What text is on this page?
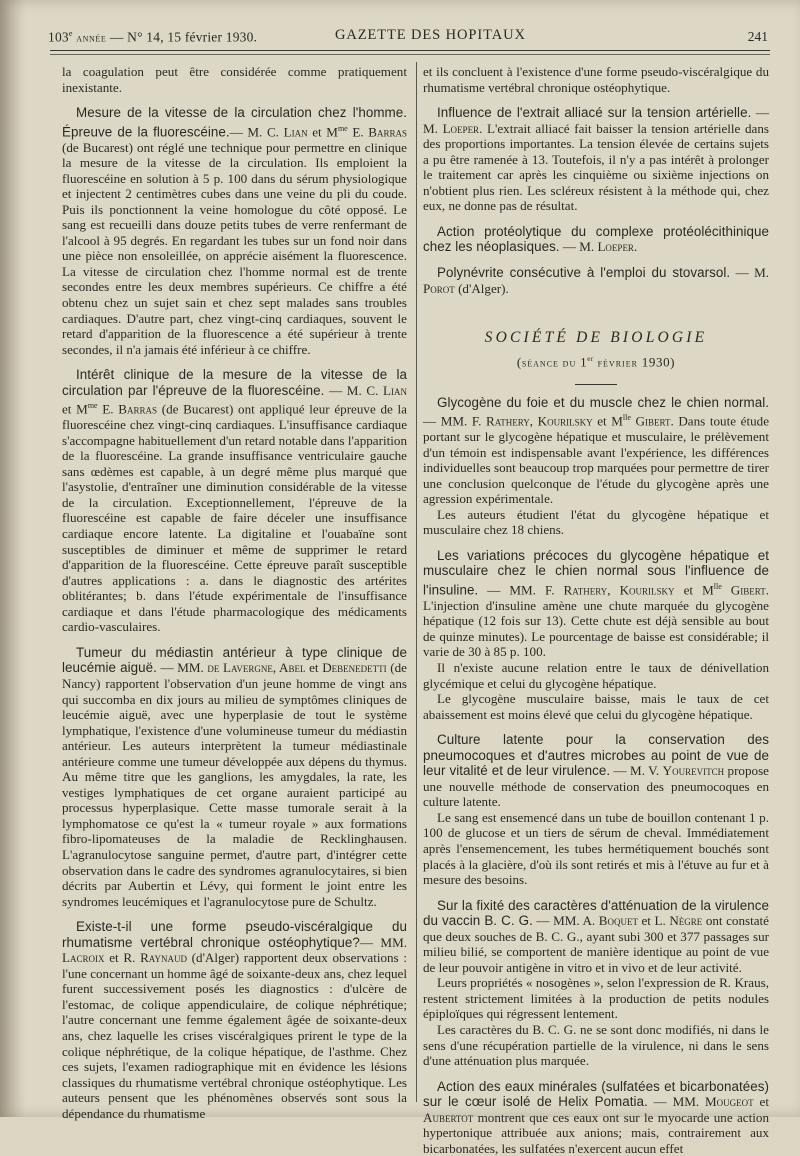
103e année — N° 14, 15 février 1930.	GAZETTE DES HOPITAUX	241

la coagulation peut être considérée comme pratiquement inexistante.

Mesure de la vitesse de la circulation chez l'homme. Épreuve de la fluorescéine.— M. C. Lian et $M^{me}$ E. Barras (de Bucarest) ont réglé une technique pour permettre en clinique la mesure de la vitesse de la circulation. Ils emploient la fluorescéine en solution à 5 p. 100 dans du sérum physiologique et injectent 2 centimètres cubes dans une veine du pli du coude. Puis ils ponctionnent la veine homologue du côté opposé. Le sang est recueilli dans douze petits tubes de verre renfermant de l'alcool à 95 degrés. En regardant les tubes sur un fond noir dans une pièce non ensoleillée, on apprécie aisément la fluorescence. La vitesse de circulation chez l'homme normal est de trente secondes entre les deux membres supérieurs. Ce chiffre a été obtenu chez un sujet sain et chez sept malades sans troubles cardiaques. D'autre part, chez vingt-cinq cardiaques, souvent le retard d'apparition de la fluorescence a été supérieur à trente secondes, il n'a jamais été inférieur à ce chiffre.

Intérêt clinique de la mesure de la vitesse de la circulation par l'épreuve de la fluorescéine. — M. C. Lian et $M^{me}$ E. Barras (de Bucarest) ont appliqué leur épreuve de la fluorescéine chez vingt-cinq cardiaques. L'insuffisance cardiaque s'accompagne habituellement d'un retard notable dans l'apparition de la fluorescéine. La grande insuffisance ventriculaire gauche sans œdèmes est capable, à un degré même plus marqué que l'asystolie, d'entraîner une diminution considérable de la vitesse de la circulation. Exceptionnellement, l'épreuve de la fluorescéine est capable de faire déceler une insuffisance cardiaque encore latente. La digitaline et l'ouabaïne sont susceptibles de diminuer et même de supprimer le retard d'apparition de la fluorescéine. Cette épreuve paraît susceptible d'autres applications : a. dans le diagnostic des artérites oblitérantes; b. dans l'étude expérimentale de l'insuffisance cardiaque et dans l'étude pharmacologique des médicaments cardio-vasculaires.

Tumeur du médiastin antérieur à type clinique de leucémie aiguë. — MM. de Lavergne, Abel et Debenedetti (de Nancy) rapportent l'observation d'un jeune homme de vingt ans qui succomba en dix jours au milieu de symptômes cliniques de leucémie aiguë, avec une hyperplasie de tout le système lymphatique, l'existence d'une volumineuse tumeur du médiastin antérieur. Les auteurs interprètent la tumeur médiastinale antérieure comme une tumeur développée aux dépens du thymus. Au même titre que les ganglions, les amygdales, la rate, les vestiges lymphatiques de cet organe auraient participé au processus hyperplasique. Cette masse tumorale serait à la lymphomatose ce qu'est la « tumeur royale » aux formations fibro-lipomateuses de la maladie de Recklinghausen. L'agranulocytose sanguine permet, d'autre part, d'intégrer cette observation dans le cadre des syndromes agranulocytaires, si bien décrits par Aubertin et Lévy, qui forment le joint entre les syndromes leucémiques et l'agranulocytose pure de Schultz.

Existe-t-il une forme pseudo-viscéralgique du rhumatisme vertébral chronique ostéophytique?— MM. Lacroix et R. Raynaud (d'Alger) rapportent deux observations : l'une concernant un homme âgé de soixante-deux ans, chez lequel furent successivement posés les diagnostics : d'ulcère de l'estomac, de colique appendiculaire, de colique néphrétique; l'autre concernant une femme également âgée de soixante-deux ans, chez laquelle les crises viscéralgiques prirent le type de la colique néphrétique, de la colique hépatique, de l'asthme. Chez ces sujets, l'examen radiographique mit en évidence les lésions classiques du rhumatisme vertébral chronique ostéophytique. Les auteurs pensent que les phénomènes observés sont sous la dépendance du rhumatisme

et ils concluent à l'existence d'une forme pseudo-viscéralgique du rhumatisme vertébral chronique ostéophytique.

Influence de l'extrait alliacé sur la tension artérielle. — M. Loeper. L'extrait alliacé fait baisser la tension artérielle dans des proportions importantes. La tension élevée de certains sujets a pu être ramenée à 13. Toutefois, il n'y a pas intérêt à prolonger le traitement car après les cinquième ou sixième injections on n'obtient plus rien. Les scléreux résistent à la méthode qui, chez eux, ne donne pas de résultat.

Action protéolytique du complexe protéolécithinique chez les néoplasiques. — M. Loeper.

Polynévrite consécutive à l'emploi du stovarsol. — M. Porot (d'Alger).

SOCIÉTÉ DE BIOLOGIE

(séance du 1er février 1930)

Glycogène du foie et du muscle chez le chien normal. — MM. F. Rathery, Kourilsky et $M^{lle}$ Gibert. Dans toute étude portant sur le glycogène hépatique et musculaire, le prélèvement d'un témoin est indispensable avant l'expérience, les différences individuelles sont beaucoup trop marquées pour permettre de tirer une conclusion quelconque de l'étude du glycogène après une agression expérimentale.

Les auteurs étudient l'état du glycogène hépatique et musculaire chez 18 chiens.

Les variations précoces du glycogène hépatique et musculaire chez le chien normal sous l'influence de l'insuline. — MM. F. Rathery, Kourilsky et $M^{lle}$ Gibert. L'injection d'insuline amène une chute marquée du glycogène hépatique (12 fois sur 13). Cette chute est déjà sensible au bout de quinze minutes). Le pourcentage de baisse est considérable; il varie de 30 à 85 p. 100.

Il n'existe aucune relation entre le taux de dénivellation glycémique et celui du glycogène hépatique.

Le glycogène musculaire baisse, mais le taux de cet abaissement est moins élevé que celui du glycogène hépatique.

Culture latente pour la conservation des pneumocoques et d'autres microbes au point de vue de leur vitalité et de leur virulence. — M. V. Yourevitch propose une nouvelle méthode de conservation des pneumocoques en culture latente.

Le sang est ensemencé dans un tube de bouillon contenant 1 p. 100 de glucose et un tiers de sérum de cheval. Immédiatement après l'ensemencement, les tubes hermétiquement bouchés sont placés à la glacière, d'où ils sont retirés et mis à l'étuve au fur et à mesure des besoins.

Sur la fixité des caractères d'atténuation de la virulence du vaccin B. C. G. — MM. A. Boquet et L. Nègre ont constaté que deux souches de B. C. G., ayant subi 300 et 377 passages sur milieu bilié, se comportent de manière identique au point de vue de leur pouvoir antigène in vitro et in vivo et de leur activité.

Leurs propriétés « nosogènes », selon l'expression de R. Kraus, restent strictement limitées à la production de petits nodules épiploïques qui régressent lentement.

Les caractères du B. C. G. ne se sont donc modifiés, ni dans le sens d'une récupération partielle de la virulence, ni dans le sens d'une atténuation plus marquée.

Action des eaux minérales (sulfatées et bicarbonatées) sur le cœur isolé de Helix Pomatia. — MM. Mougeot et Aubertot montrent que ces eaux ont sur le myocarde une action hypertonique attribuée aux anions; mais, contrairement aux bicarbonatées, les sulfatées n'exercent aucun effet
